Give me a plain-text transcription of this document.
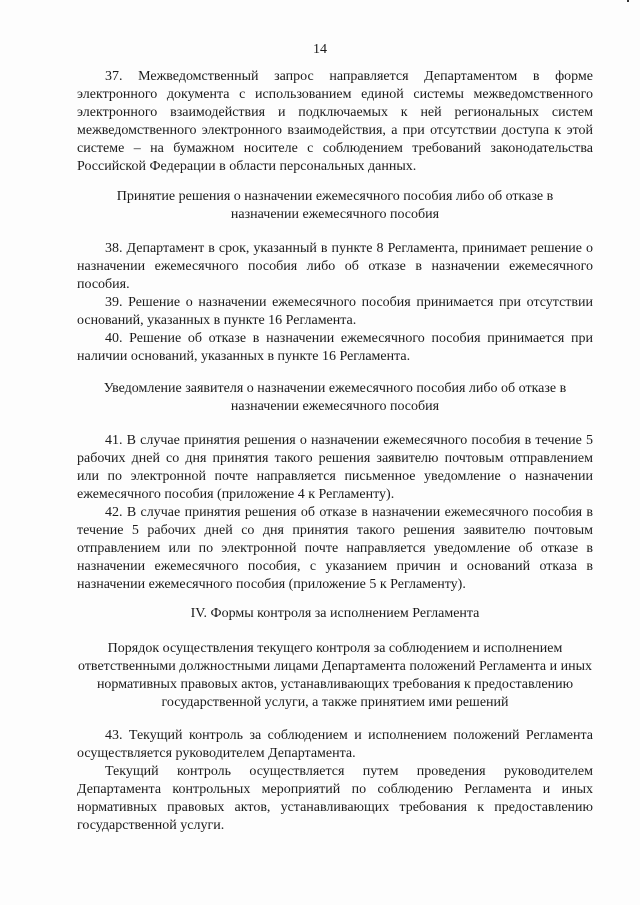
14

37. Межведомственный запрос направляется Департаментом в форме электронного документа с использованием единой системы межведомственного электронного взаимодействия и подключаемых к ней региональных систем межведомственного электронного взаимодействия, а при отсутствии доступа к этой системе – на бумажном носителе с соблюдением требований законодательства Российской Федерации в области персональных данных.

Принятие решения о назначении ежемесячного пособия либо об отказе в назначении ежемесячного пособия

38. Департамент в срок, указанный в пункте 8 Регламента, принимает решение о назначении ежемесячного пособия либо об отказе в назначении ежемесячного пособия.

39. Решение о назначении ежемесячного пособия принимается при отсутствии оснований, указанных в пункте 16 Регламента.

40. Решение об отказе в назначении ежемесячного пособия принимается при наличии оснований, указанных в пункте 16 Регламента.

Уведомление заявителя о назначении ежемесячного пособия либо об отказе в назначении ежемесячного пособия

41. В случае принятия решения о назначении ежемесячного пособия в течение 5 рабочих дней со дня принятия такого решения заявителю почтовым отправлением или по электронной почте направляется письменное уведомление о назначении ежемесячного пособия (приложение 4 к Регламенту).

42. В случае принятия решения об отказе в назначении ежемесячного пособия в течение 5 рабочих дней со дня принятия такого решения заявителю почтовым отправлением или по электронной почте направляется уведомление об отказе в назначении ежемесячного пособия, с указанием причин и оснований отказа в назначении ежемесячного пособия (приложение 5 к Регламенту).

IV. Формы контроля за исполнением Регламента

Порядок осуществления текущего контроля за соблюдением и исполнением ответственными должностными лицами Департамента положений Регламента и иных нормативных правовых актов, устанавливающих требования к предоставлению государственной услуги, а также принятием ими решений

43. Текущий контроль за соблюдением и исполнением положений Регламента осуществляется руководителем Департамента.

Текущий контроль осуществляется путем проведения руководителем Департамента контрольных мероприятий по соблюдению Регламента и иных нормативных правовых актов, устанавливающих требования к предоставлению государственной услуги.
